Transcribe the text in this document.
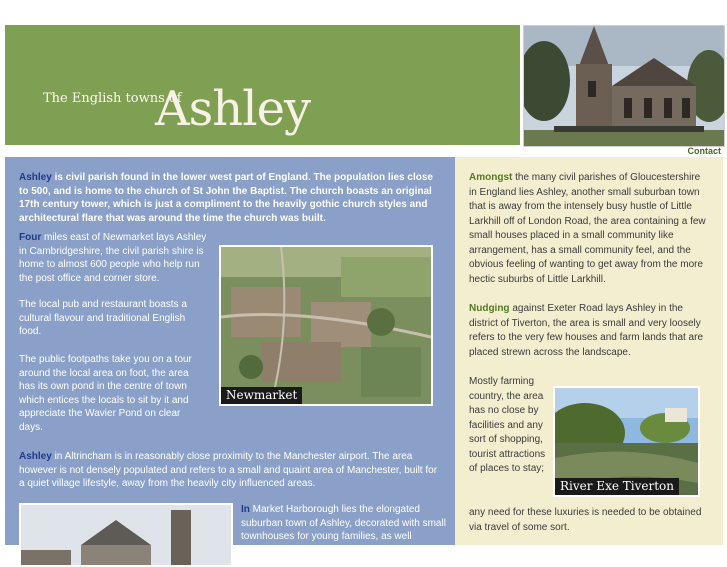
The English towns of
Ashley
Contact
Ashley is civil parish found in the lower west part of England. The population lies close to 500, and is home to the church of St John the Baptist. The church boasts an original 17th century tower, which is just a compliment to the heavily gothic church styles and architectural flare that was around the time the church was built.
Four miles east of Newmarket lays Ashley in Cambridgeshire, the civil parish shire is home to almost 600 people who help run the post office and corner store.
The local pub and restaurant boasts a cultural flavour and traditional English food.
The public footpaths take you on a tour around the local area on foot, the area has its own pond in the centre of town which entices the locals to sit by it and appreciate the Wavier Pond on clear days.
Newmarket
Ashley in Altrincham is in reasonably close proximity to the Manchester airport. The area however is not densely populated and refers to a small and quaint area of Manchester, built for a quiet village lifestyle, away from the heavily city influenced areas.
In Market Harborough lies the elongated suburban town of Ashley, decorated with small townhouses for young families, as well
Amongst the many civil parishes of Gloucestershire in England lies Ashley, another small suburban town that is away from the intensely busy hustle of Little Larkhill off of London Road, the area containing a few small houses placed in a small community like arrangement, has a small community feel, and the obvious feeling of wanting to get away from the more hectic suburbs of Little Larkhill.
Nudging against Exeter Road lays Ashley in the district of Tiverton, the area is small and very loosely refers to the very few houses and farm lands that are placed strewn across the landscape.
Mostly farming country, the area has no close by facilities and any sort of shopping, tourist attractions of places to stay;
River Exe Tiverton
any need for these luxuries is needed to be obtained via travel of some sort.
